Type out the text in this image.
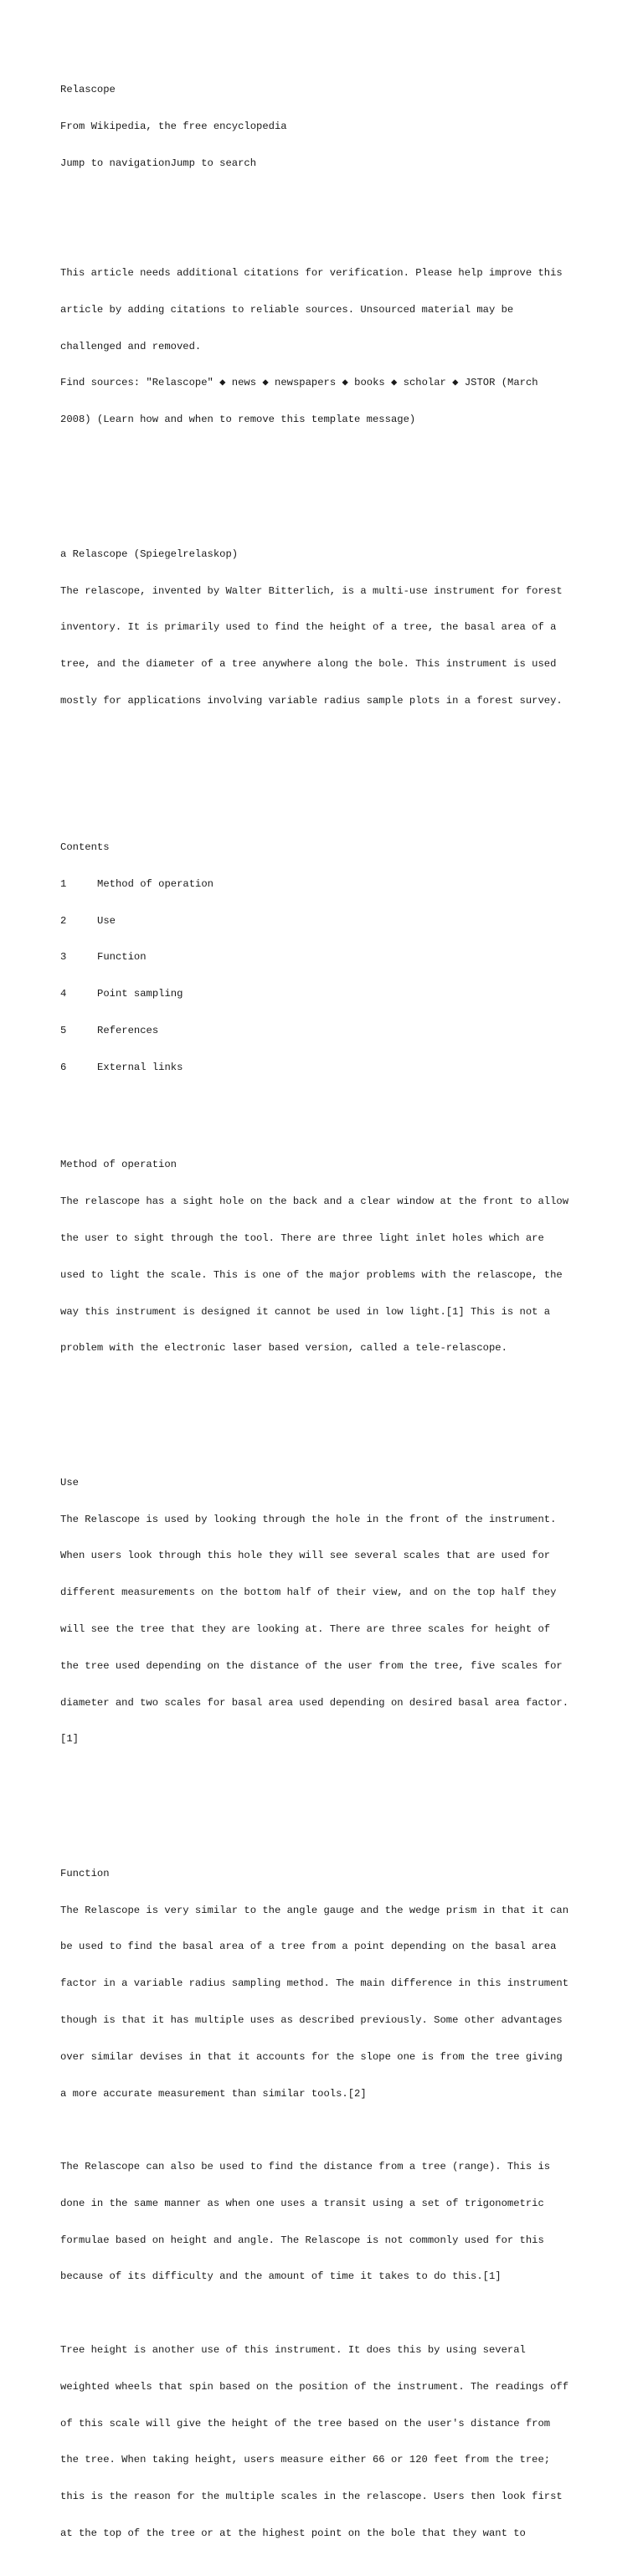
Relascope

From Wikipedia, the free encyclopedia

Jump to navigationJump to search

This article needs additional citations for verification. Please help improve this

article by adding citations to reliable sources. Unsourced material may be

challenged and removed.

Find sources: "Relascope" ◆ news ◆ newspapers ◆ books ◆ scholar ◆ JSTOR (March

2008) (Learn how and when to remove this template message)

a Relascope (Spiegelrelaskop)

The relascope, invented by Walter Bitterlich, is a multi-use instrument for forest

inventory. It is primarily used to find the height of a tree, the basal area of a

tree, and the diameter of a tree anywhere along the bole. This instrument is used

mostly for applications involving variable radius sample plots in a forest survey.

Contents

1	Method of operation

2	Use

3	Function

4	Point sampling

5	References

6	External links

Method of operation

The relascope has a sight hole on the back and a clear window at the front to allow

the user to sight through the tool. There are three light inlet holes which are

used to light the scale. This is one of the major problems with the relascope, the

way this instrument is designed it cannot be used in low light.[1] This is not a

problem with the electronic laser based version, called a tele-relascope.

Use

The Relascope is used by looking through the hole in the front of the instrument.

When users look through this hole they will see several scales that are used for

different measurements on the bottom half of their view, and on the top half they

will see the tree that they are looking at. There are three scales for height of

the tree used depending on the distance of the user from the tree, five scales for

diameter and two scales for basal area used depending on desired basal area factor.

[1]

Function

The Relascope is very similar to the angle gauge and the wedge prism in that it can

be used to find the basal area of a tree from a point depending on the basal area

factor in a variable radius sampling method. The main difference in this instrument

though is that it has multiple uses as described previously. Some other advantages

over similar devises in that it accounts for the slope one is from the tree giving

a more accurate measurement than similar tools.[2]

The Relascope can also be used to find the distance from a tree (range). This is

done in the same manner as when one uses a transit using a set of trigonometric

formulae based on height and angle. The Relascope is not commonly used for this

because of its difficulty and the amount of time it takes to do this.[1]

Tree height is another use of this instrument. It does this by using several

weighted wheels that spin based on the position of the instrument. The readings off

of this scale will give the height of the tree based on the user's distance from

the tree. When taking height, users measure either 66 or 120 feet from the tree;

this is the reason for the multiple scales in the relascope. Users then look first

at the top of the tree or at the highest point on the bole that they want to
